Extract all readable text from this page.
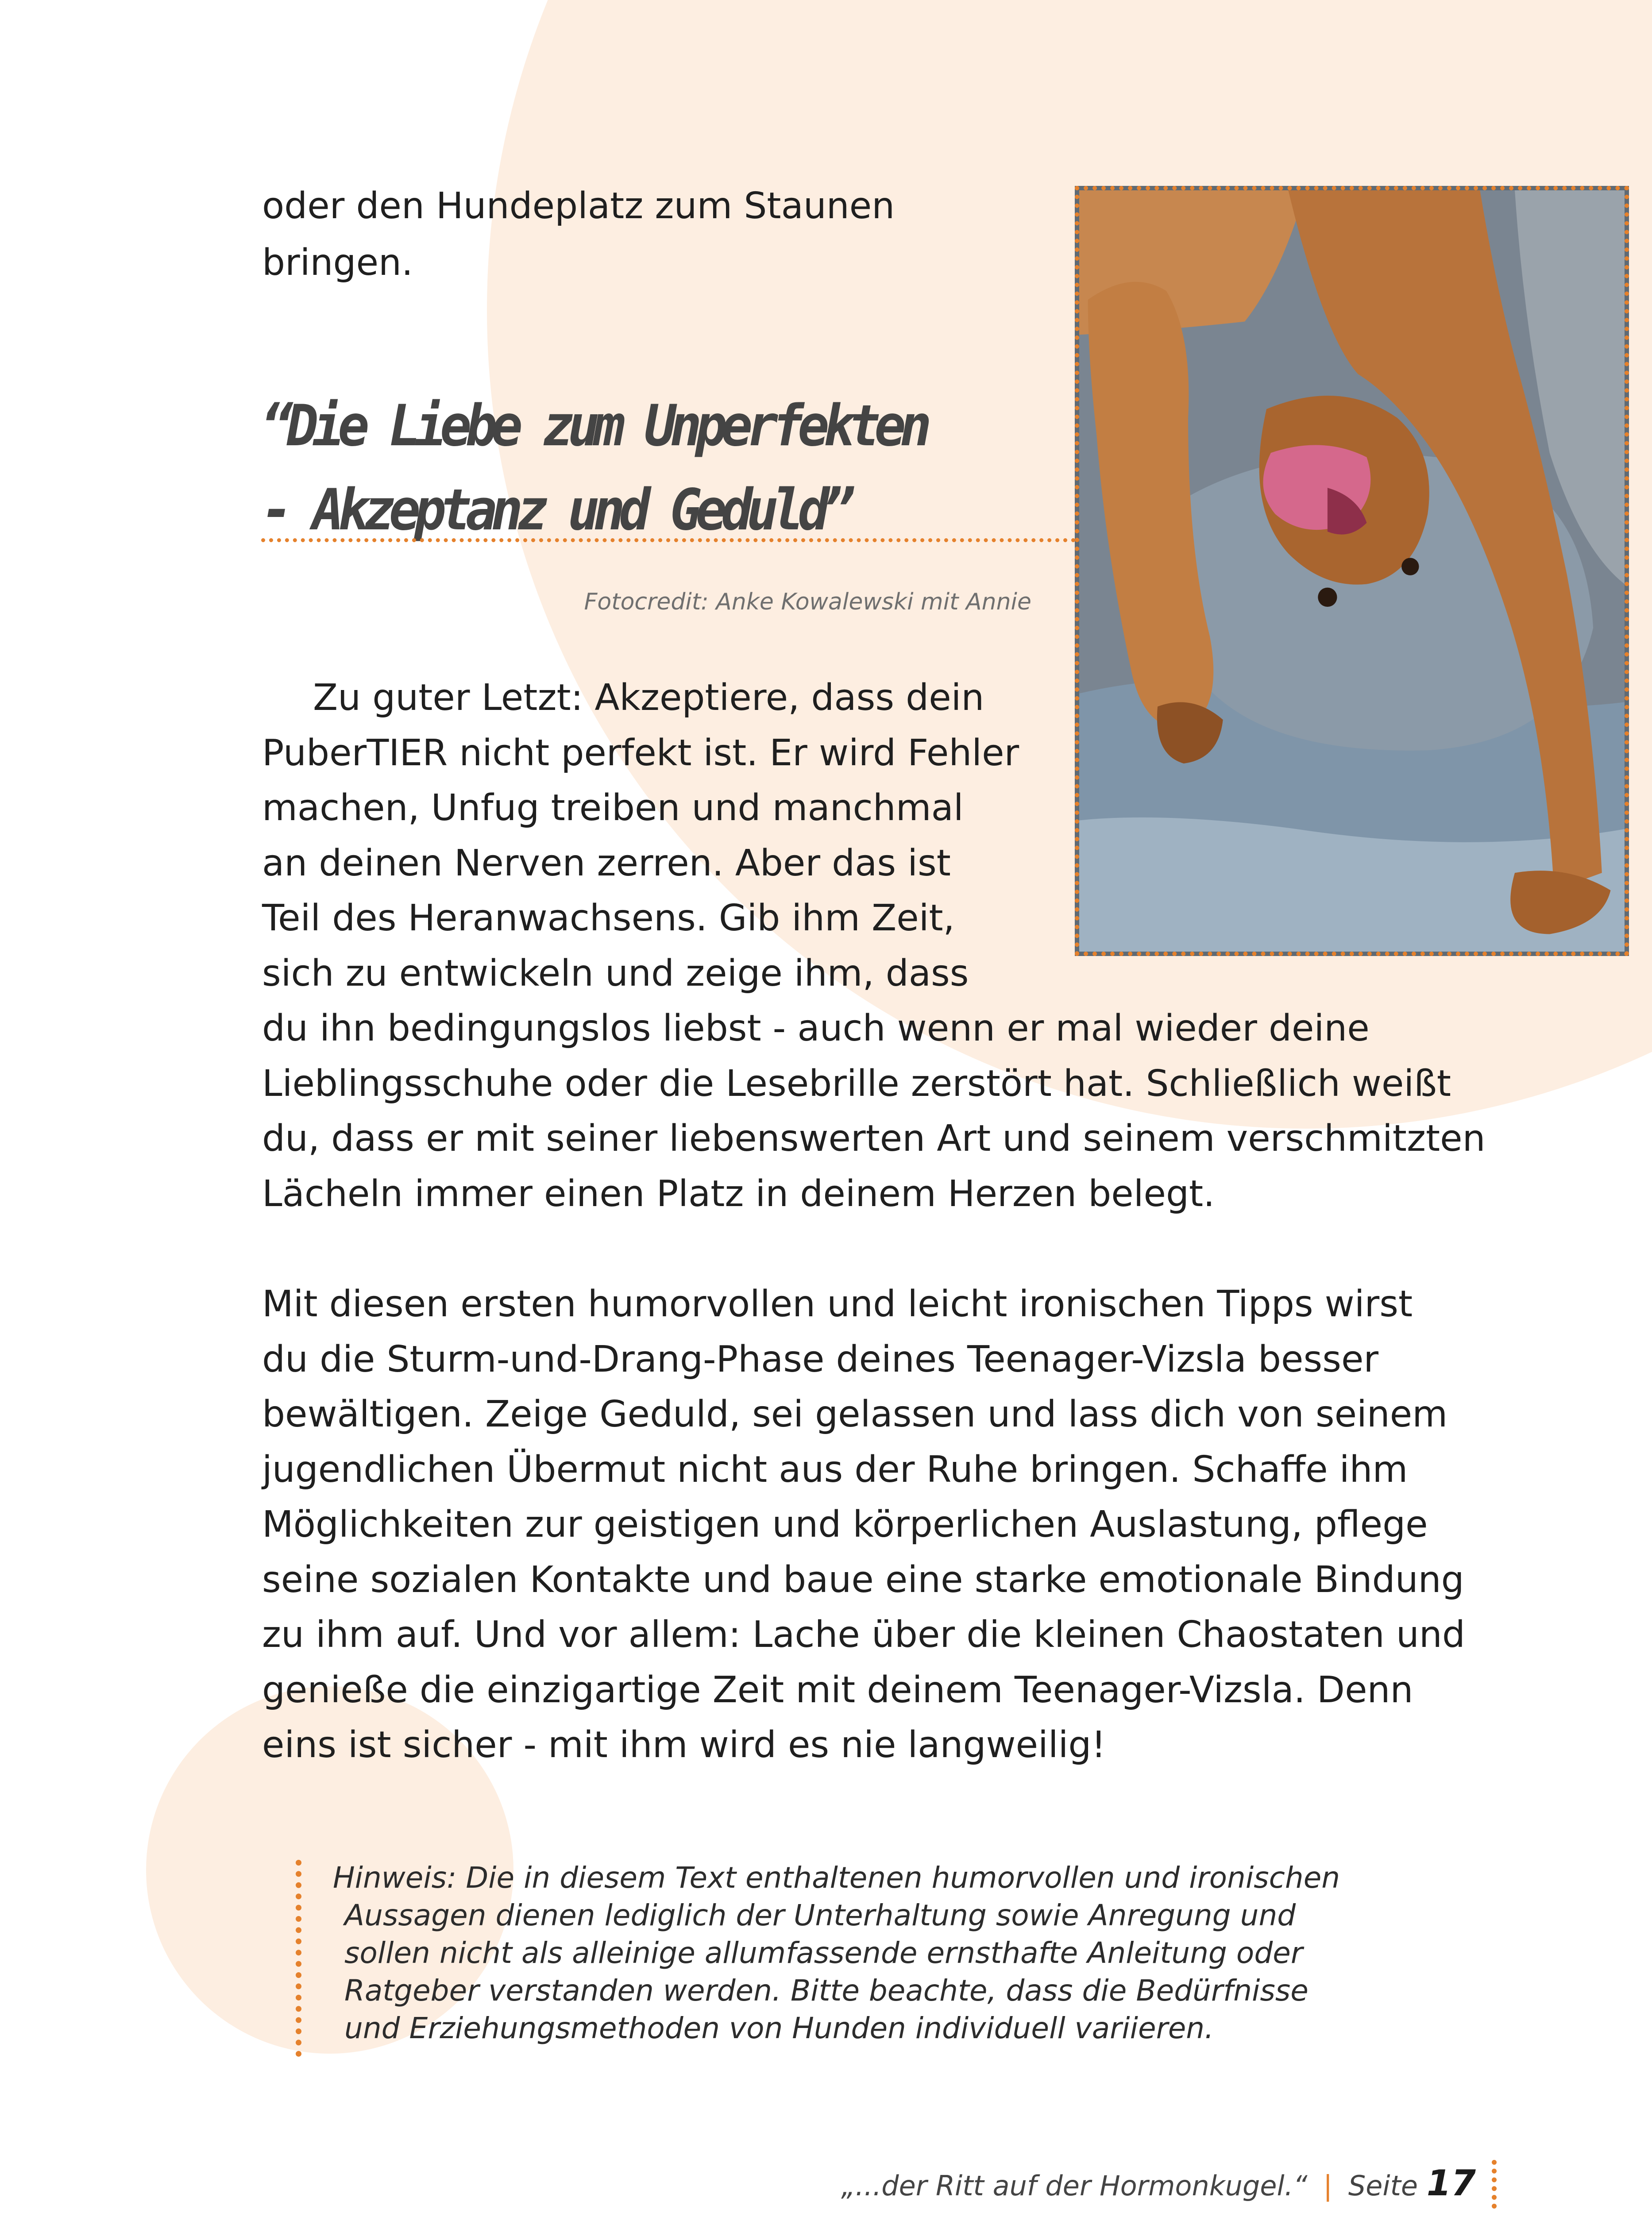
oder den Hundeplatz zum Staunen

bringen.

“Die Liebe zum Unperfekten
- Akzeptanz und Geduld”
Fotocredit: Anke Kowalewski mit Annie
Zu guter Letzt: Akzeptiere, dass dein
PuberTIER nicht perfekt ist. Er wird Fehler
machen, Unfug treiben und manchmal
an deinen Nerven zerren. Aber das ist
Teil des Heranwachsens. Gib ihm Zeit,
sich zu entwickeln und zeige ihm, dass
du ihn bedingungslos liebst - auch wenn er mal wieder deine
Lieblingsschuhe oder die Lesebrille zerstört hat. Schließlich weißt
du, dass er mit seiner liebenswerten Art und seinem verschmitzten
Lächeln immer einen Platz in deinem Herzen belegt.
Mit diesen ersten humorvollen und leicht ironischen Tipps wirst
du die Sturm-und-Drang-Phase deines Teenager-Vizsla besser
bewältigen. Zeige Geduld, sei gelassen und lass dich von seinem
jugendlichen Übermut nicht aus der Ruhe bringen. Schaffe ihm
Möglichkeiten zur geistigen und körperlichen Auslastung, pflege
seine sozialen Kontakte und baue eine starke emotionale Bindung
zu ihm auf. Und vor allem: Lache über die kleinen Chaostaten und
genieße die einzigartige Zeit mit deinem Teenager-Vizsla. Denn
eins ist sicher - mit ihm wird es nie langweilig!
Hinweis: Die in diesem Text enthaltenen humorvollen und ironischen
Aussagen dienen lediglich der Unterhaltung sowie Anregung und
sollen nicht als alleinige allumfassende ernsthafte Anleitung oder
Ratgeber verstanden werden. Bitte beachte, dass die Bedürfnisse
und Erziehungsmethoden von Hunden individuell variieren.
„...der Ritt auf der Hormonkugel.“ | Seite 17
